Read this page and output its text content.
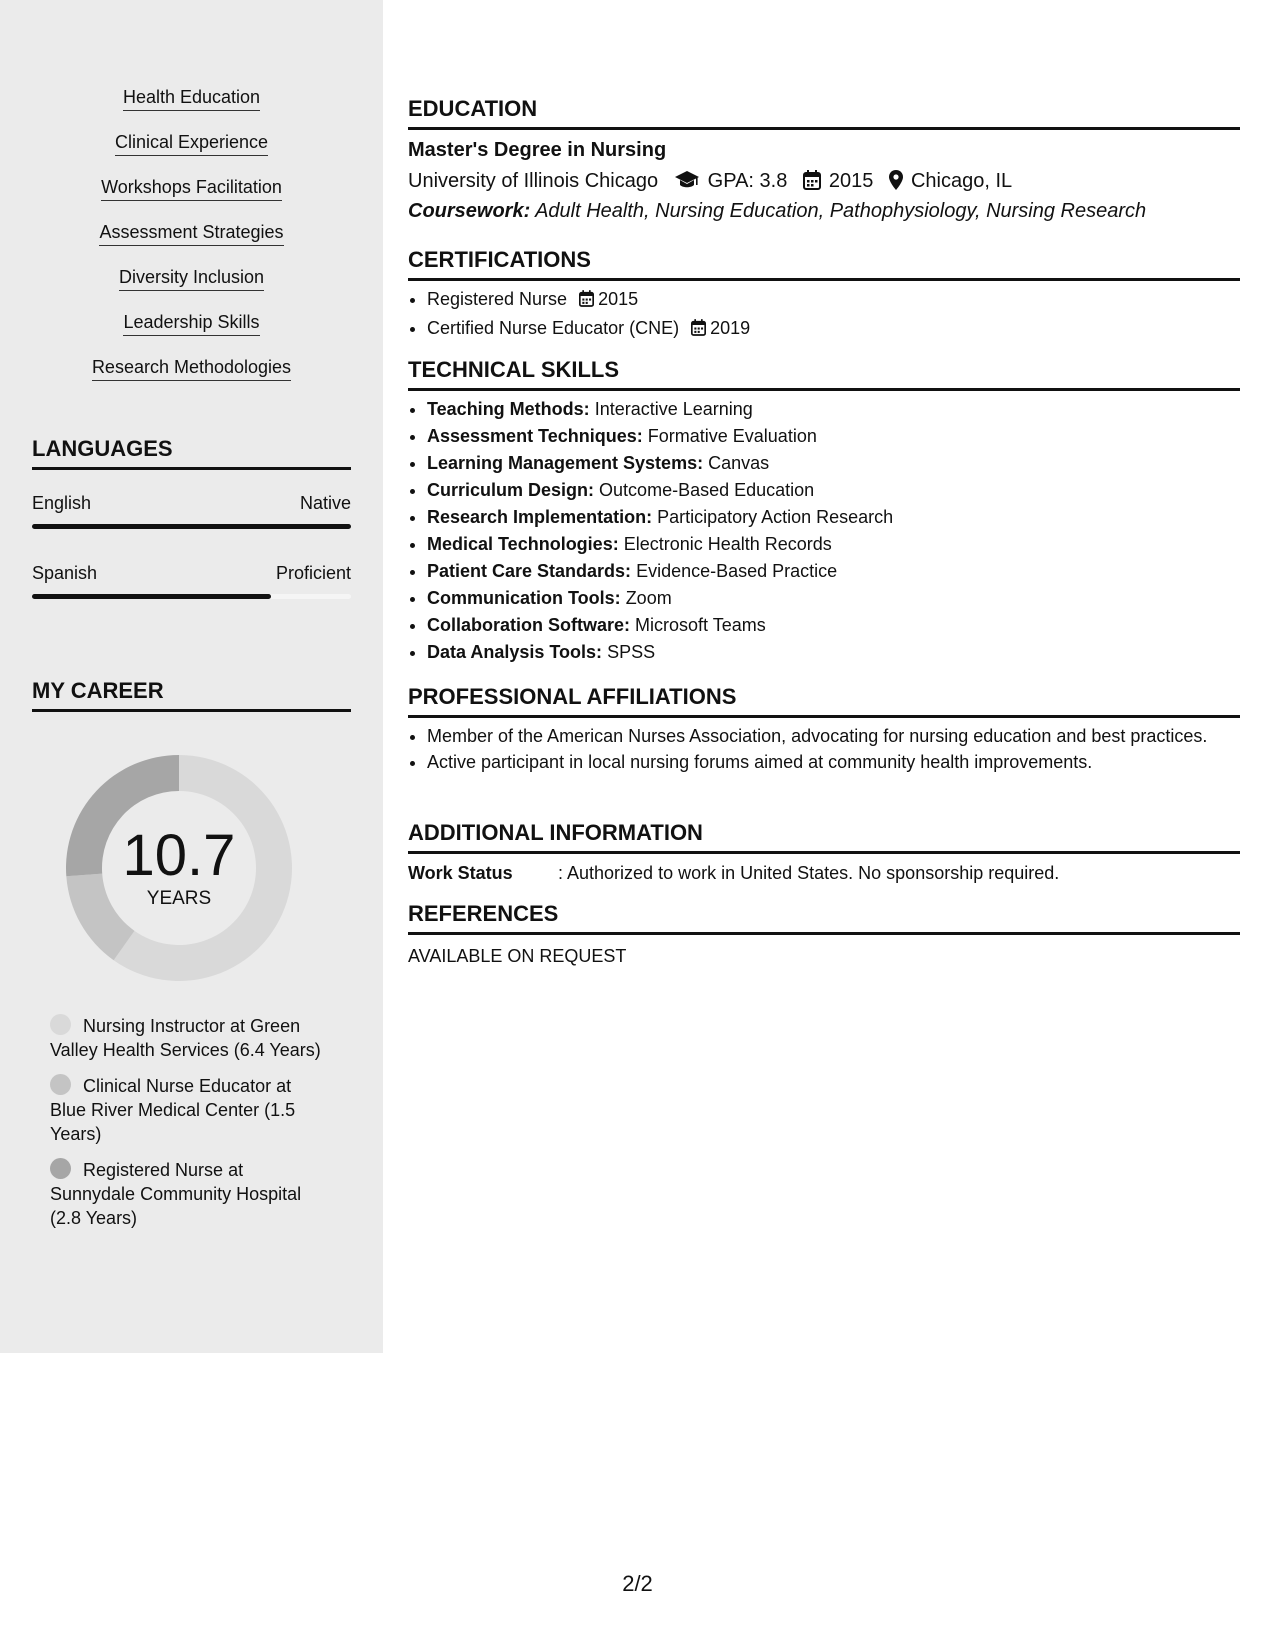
Health Education
Clinical Experience
Workshops Facilitation
Assessment Strategies
Diversity Inclusion
Leadership Skills
Research Methodologies
LANGUAGES
English	Native
Spanish	Proficient
MY CAREER
10.7
YEARS
Nursing Instructor at Green Valley Health Services (6.4 Years)
Clinical Nurse Educator at Blue River Medical Center (1.5 Years)
Registered Nurse at Sunnydale Community Hospital (2.8 Years)
EDUCATION
Master's Degree in Nursing
University of Illinois Chicago GPA: 3.8 2015 Chicago, IL
Coursework: Adult Health, Nursing Education, Pathophysiology, Nursing Research
CERTIFICATIONS
• Registered Nurse 2015
• Certified Nurse Educator (CNE) 2019
TECHNICAL SKILLS
• Teaching Methods: Interactive Learning
• Assessment Techniques: Formative Evaluation
• Learning Management Systems: Canvas
• Curriculum Design: Outcome-Based Education
• Research Implementation: Participatory Action Research
• Medical Technologies: Electronic Health Records
• Patient Care Standards: Evidence-Based Practice
• Communication Tools: Zoom
• Collaboration Software: Microsoft Teams
• Data Analysis Tools: SPSS
PROFESSIONAL AFFILIATIONS
• Member of the American Nurses Association, advocating for nursing education and best practices.
• Active participant in local nursing forums aimed at community health improvements.
ADDITIONAL INFORMATION
Work Status	: Authorized to work in United States. No sponsorship required.
REFERENCES
AVAILABLE ON REQUEST
2/2
